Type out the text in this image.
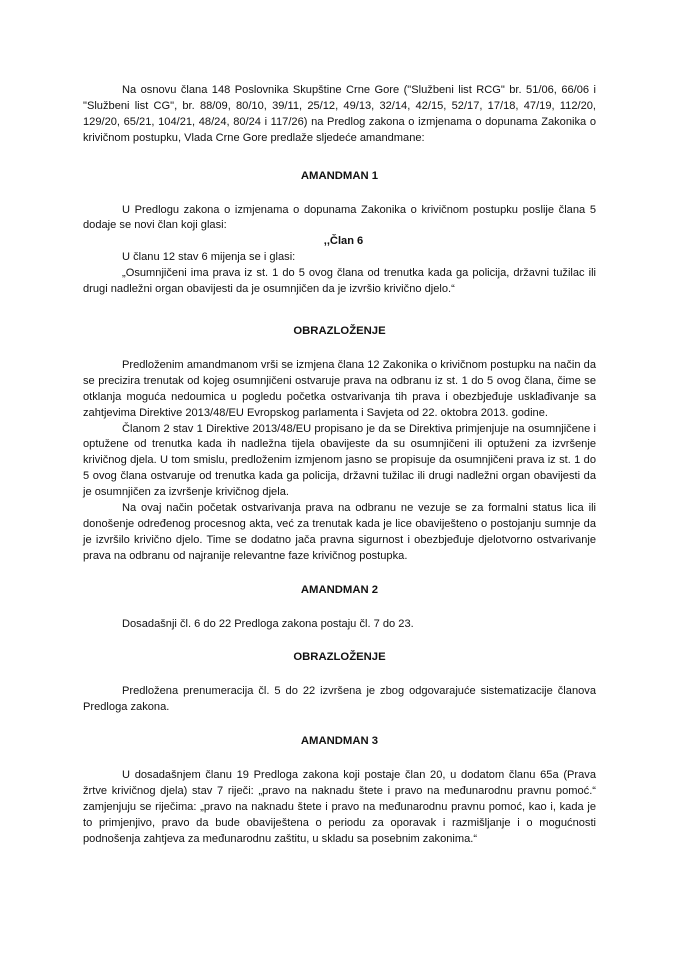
Na osnovu člana 148 Poslovnika Skupštine Crne Gore ("Službeni list RCG" br. 51/06, 66/06 i "Službeni list CG", br. 88/09, 80/10, 39/11, 25/12, 49/13, 32/14, 42/15, 52/17, 17/18, 47/19, 112/20, 129/20, 65/21, 104/21, 48/24, 80/24 i 117/26) na Predlog zakona o izmjenama o dopunama Zakonika o krivičnom postupku, Vlada Crne Gore predlaže sljedeće amandmane:

AMANDMAN 1

U Predlogu zakona o izmjenama o dopunama Zakonika o krivičnom postupku poslije člana 5 dodaje se novi član koji glasi:

,,Član 6

U članu 12 stav 6 mijenja se i glasi:

„Osumnjičeni ima prava iz st. 1 do 5 ovog člana od trenutka kada ga policija, državni tužilac ili drugi nadležni organ obavijesti da je osumnjičen da je izvršio krivično djelo.“

OBRAZLOŽENJE

Predloženim amandmanom vrši se izmjena člana 12 Zakonika o krivičnom postupku na način da se precizira trenutak od kojeg osumnjičeni ostvaruje prava na odbranu iz st. 1 do 5 ovog člana, čime se otklanja moguća nedoumica u pogledu početka ostvarivanja tih prava i obezbjeđuje usklađivanje sa zahtjevima Direktive 2013/48/EU Evropskog parlamenta i Savjeta od 22. oktobra 2013. godine.

Članom 2 stav 1 Direktive 2013/48/EU propisano je da se Direktiva primjenjuje na osumnjičene i optužene od trenutka kada ih nadležna tijela obavijeste da su osumnjičeni ili optuženi za izvršenje krivičnog djela. U tom smislu, predloženim izmjenom jasno se propisuje da osumnjičeni prava iz st. 1 do 5 ovog člana ostvaruje od trenutka kada ga policija, državni tužilac ili drugi nadležni organ obavijesti da je osumnjičen za izvršenje krivičnog djela.

Na ovaj način početak ostvarivanja prava na odbranu ne vezuje se za formalni status lica ili donošenje određenog procesnog akta, već za trenutak kada je lice obaviješteno o postojanju sumnje da je izvršilo krivično djelo. Time se dodatno jača pravna sigurnost i obezbjeđuje djelotvorno ostvarivanje prava na odbranu od najranije relevantne faze krivičnog postupka.

AMANDMAN 2

Dosadašnji čl. 6 do 22 Predloga zakona postaju čl. 7 do 23.

OBRAZLOŽENJE

Predložena prenumeracija čl. 5 do 22 izvršena je zbog odgovarajuće sistematizacije članova Predloga zakona.

AMANDMAN 3

U dosadašnjem članu 19 Predloga zakona koji postaje član 20, u dodatom članu 65a (Prava žrtve krivičnog djela) stav 7 riječi: „pravo na naknadu štete i pravo na međunarodnu pravnu pomoć.“ zamjenjuju se riječima: „pravo na naknadu štete i pravo na međunarodnu pravnu pomoć, kao i, kada je to primjenjivo, pravo da bude obaviještena o periodu za oporavak i razmišljanje i o mogućnosti podnošenja zahtjeva za međunarodnu zaštitu, u skladu sa posebnim zakonima.“
